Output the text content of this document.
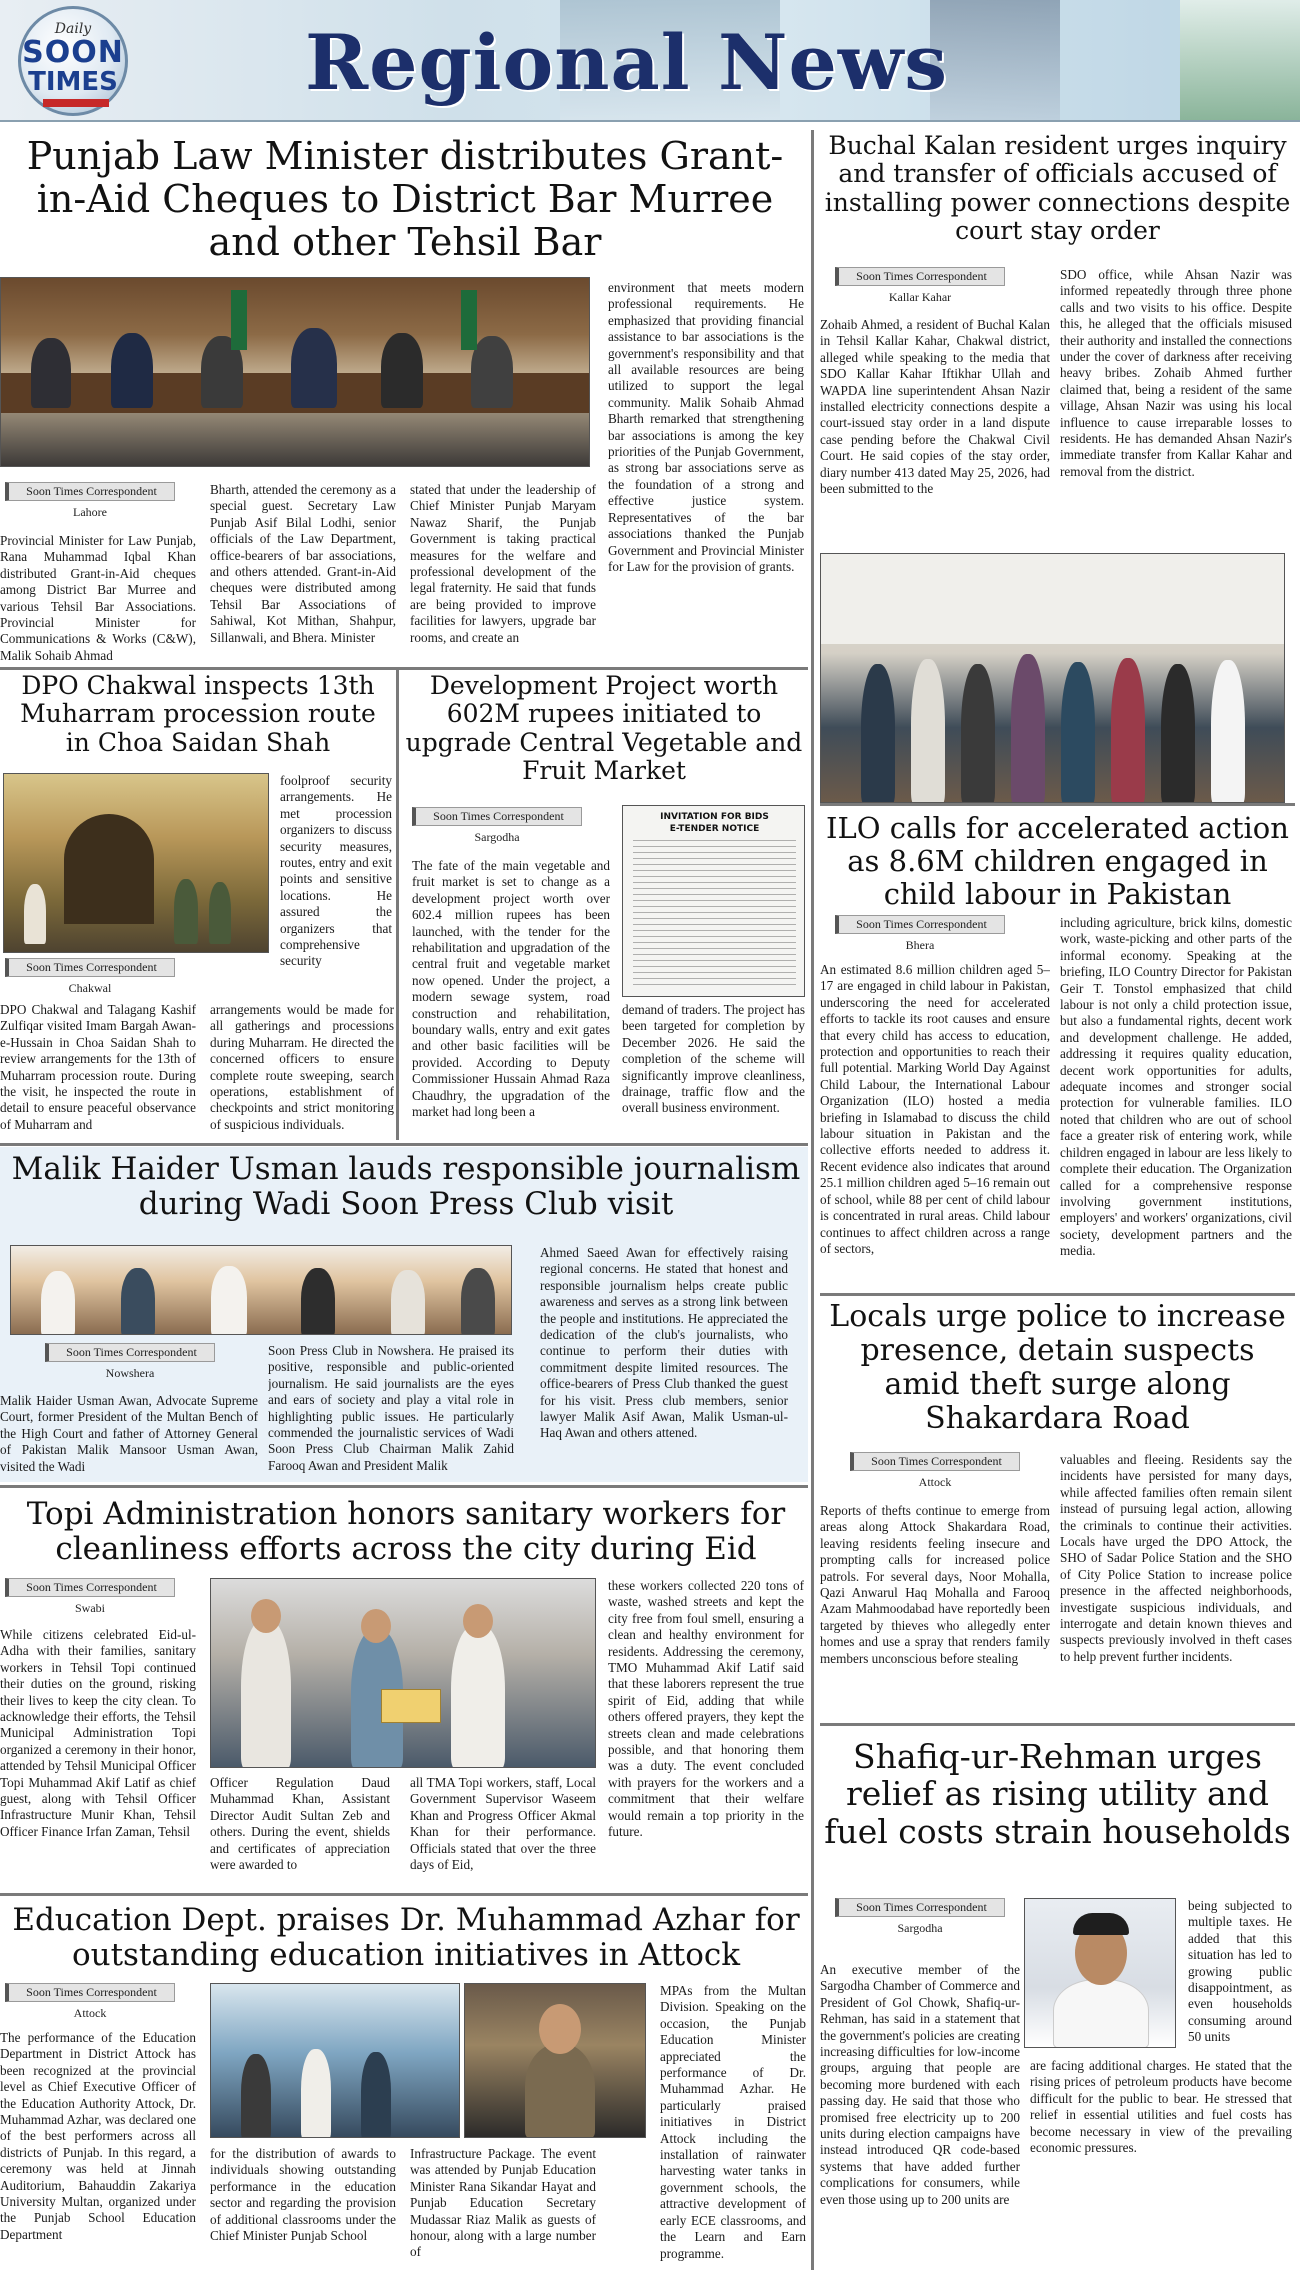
Daily
SOON
TIMES Regional News
Punjab Law Minister distributes Grant-in-Aid Cheques to District Bar Murree and other Tehsil Bar
Soon Times Correspondent
Lahore
Provincial Minister for Law Punjab, Rana Muhammad Iqbal Khan distributed Grant-in-Aid cheques among District Bar Murree and various Tehsil Bar Associations. Provincial Minister for Communications & Works (C&W), Malik Sohaib Ahmad
Bharth, attended the ceremony as a special guest. Secretary Law Punjab Asif Bilal Lodhi, senior officials of the Law Department, office-bearers of bar associations, and others attended. Grant-in-Aid cheques were distributed among Tehsil Bar Associations of Sahiwal, Kot Mithan, Shahpur, Sillanwali, and Bhera. Minister
stated that under the leadership of Chief Minister Punjab Maryam Nawaz Sharif, the Punjab Government is taking practical measures for the welfare and professional development of the legal fraternity. He said that funds are being provided to improve facilities for lawyers, upgrade bar rooms, and create an
environment that meets modern professional requirements. He emphasized that providing financial assistance to bar associations is the government's responsibility and that all available resources are being utilized to support the legal community. Malik Sohaib Ahmad Bharth remarked that strengthening bar associations is among the key priorities of the Punjab Government, as strong bar associations serve as the foundation of a strong and effective justice system. Representatives of the bar associations thanked the Punjab Government and Provincial Minister for Law for the provision of grants.
DPO Chakwal inspects 13th Muharram procession route in Choa Saidan Shah
foolproof security arrangements. He met procession organizers to discuss security measures, routes, entry and exit points and sensitive locations. He assured the organizers that comprehensive security
Soon Times Correspondent
Chakwal
DPO Chakwal and Talagang Kashif Zulfiqar visited Imam Bargah Awan-e-Hussain in Choa Saidan Shah to review arrangements for the 13th of Muharram procession route. During the visit, he inspected the route in detail to ensure peaceful observance of Muharram and
arrangements would be made for all gatherings and processions during Muharram. He directed the concerned officers to ensure complete route sweeping, search operations, establishment of checkpoints and strict monitoring of suspicious individuals.
Development Project worth 602M rupees initiated to upgrade Central Vegetable and Fruit Market
Soon Times Correspondent
Sargodha
INVITATION FOR BIDS
E-TENDER NOTICE
The fate of the main vegetable and fruit market is set to change as a development project worth over 602.4 million rupees has been launched, with the tender for the rehabilitation and upgradation of the central fruit and vegetable market now opened. Under the project, a modern sewage system, road construction and rehabilitation, boundary walls, entry and exit gates and other basic facilities will be provided. According to Deputy Commissioner Hussain Ahmad Raza Chaudhry, the upgradation of the market had long been a
demand of traders. The project has been targeted for completion by December 2026. He said the completion of the scheme will significantly improve cleanliness, drainage, traffic flow and the overall business environment.
Malik Haider Usman lauds responsible journalism during Wadi Soon Press Club visit
Soon Times Correspondent
Nowshera
Malik Haider Usman Awan, Advocate Supreme Court, former President of the Multan Bench of the High Court and father of Attorney General of Pakistan Malik Mansoor Usman Awan, visited the Wadi
Soon Press Club in Nowshera. He praised its positive, responsible and public-oriented journalism. He said journalists are the eyes and ears of society and play a vital role in highlighting public issues. He particularly commended the journalistic services of Wadi Soon Press Club Chairman Malik Zahid Farooq Awan and President Malik
Ahmed Saeed Awan for effectively raising regional concerns. He stated that honest and responsible journalism helps create public awareness and serves as a strong link between the people and institutions. He appreciated the dedication of the club's journalists, who continue to perform their duties with commitment despite limited resources. The office-bearers of Press Club thanked the guest for his visit. Press club members, senior lawyer Malik Asif Awan, Malik Usman-ul-Haq Awan and others attened.
Topi Administration honors sanitary workers for cleanliness efforts across the city during Eid
Soon Times Correspondent
Swabi
While citizens celebrated Eid-ul-Adha with their families, sanitary workers in Tehsil Topi continued their duties on the ground, risking their lives to keep the city clean. To acknowledge their efforts, the Tehsil Municipal Administration Topi organized a ceremony in their honor, attended by Tehsil Municipal Officer Topi Muhammad Akif Latif as chief guest, along with Tehsil Officer Infrastructure Munir Khan, Tehsil Officer Finance Irfan Zaman, Tehsil
Officer Regulation Daud Muhammad Khan, Assistant Director Audit Sultan Zeb and others. During the event, shields and certificates of appreciation were awarded to
all TMA Topi workers, staff, Local Government Supervisor Waseem Khan and Progress Officer Akmal Khan for their performance. Officials stated that over the three days of Eid,
these workers collected 220 tons of waste, washed streets and kept the city free from foul smell, ensuring a clean and healthy environment for residents. Addressing the ceremony, TMO Muhammad Akif Latif said that these laborers represent the true spirit of Eid, adding that while others offered prayers, they kept the streets clean and made celebrations possible, and that honoring them was a duty. The event concluded with prayers for the workers and a commitment that their welfare would remain a top priority in the future.
Education Dept. praises Dr. Muhammad Azhar for outstanding education initiatives in Attock
Soon Times Correspondent
Attock
The performance of the Education Department in District Attock has been recognized at the provincial level as Chief Executive Officer of the Education Authority Attock, Dr. Muhammad Azhar, was declared one of the best performers across all districts of Punjab. In this regard, a ceremony was held at Jinnah Auditorium, Bahauddin Zakariya University Multan, organized under the Punjab School Education Department
for the distribution of awards to individuals showing outstanding performance in the education sector and regarding the provision of additional classrooms under the Chief Minister Punjab School
Infrastructure Package. The event was attended by Punjab Education Minister Rana Sikandar Hayat and Punjab Education Secretary Mudassar Riaz Malik as guests of honour, along with a large number of
MPAs from the Multan Division. Speaking on the occasion, the Punjab Education Minister appreciated the performance of Dr. Muhammad Azhar. He particularly praised initiatives in District Attock including the installation of rainwater harvesting water tanks in government schools, the attractive development of early ECE classrooms, and the Learn and Earn programme.
Buchal Kalan resident urges inquiry and transfer of officials accused of installing power connections despite court stay order
Soon Times Correspondent
Kallar Kahar
Zohaib Ahmed, a resident of Buchal Kalan in Tehsil Kallar Kahar, Chakwal district, alleged while speaking to the media that SDO Kallar Kahar Iftikhar Ullah and WAPDA line superintendent Ahsan Nazir installed electricity connections despite a court-issued stay order in a land dispute case pending before the Chakwal Civil Court. He said copies of the stay order, diary number 413 dated May 25, 2026, had been submitted to the
SDO office, while Ahsan Nazir was informed repeatedly through three phone calls and two visits to his office. Despite this, he alleged that the officials misused their authority and installed the connections under the cover of darkness after receiving heavy bribes. Zohaib Ahmed further claimed that, being a resident of the same village, Ahsan Nazir was using his local influence to cause irreparable losses to residents. He has demanded Ahsan Nazir's immediate transfer from Kallar Kahar and removal from the district.
ILO calls for accelerated action as 8.6M children engaged in child labour in Pakistan
Soon Times Correspondent
Bhera
An estimated 8.6 million children aged 5–17 are engaged in child labour in Pakistan, underscoring the need for accelerated efforts to tackle its root causes and ensure that every child has access to education, protection and opportunities to reach their full potential. Marking World Day Against Child Labour, the International Labour Organization (ILO) hosted a media briefing in Islamabad to discuss the child labour situation in Pakistan and the collective efforts needed to address it. Recent evidence also indicates that around 25.1 million children aged 5–16 remain out of school, while 88 per cent of child labour is concentrated in rural areas. Child labour continues to affect children across a range of sectors,
including agriculture, brick kilns, domestic work, waste-picking and other parts of the informal economy. Speaking at the briefing, ILO Country Director for Pakistan Geir T. Tonstol emphasized that child labour is not only a child protection issue, but also a fundamental rights, decent work and development challenge. He added, addressing it requires quality education, decent work opportunities for adults, adequate incomes and stronger social protection for vulnerable families. ILO noted that children who are out of school face a greater risk of entering work, while children engaged in labour are less likely to complete their education. The Organization called for a comprehensive response involving government institutions, employers' and workers' organizations, civil society, development partners and the media.
Locals urge police to increase presence, detain suspects amid theft surge along Shakardara Road
Soon Times Correspondent
Attock
Reports of thefts continue to emerge from areas along Attock Shakardara Road, leaving residents feeling insecure and prompting calls for increased police patrols. For several days, Noor Mohalla, Qazi Anwarul Haq Mohalla and Farooq Azam Mahmoodabad have reportedly been targeted by thieves who allegedly enter homes and use a spray that renders family members unconscious before stealing
valuables and fleeing. Residents say the incidents have persisted for many days, while affected families often remain silent instead of pursuing legal action, allowing the criminals to continue their activities. Locals have urged the DPO Attock, the SHO of Sadar Police Station and the SHO of City Police Station to increase police presence in the affected neighborhoods, investigate suspicious individuals, and interrogate and detain known thieves and suspects previously involved in theft cases to help prevent further incidents.
Shafiq-ur-Rehman urges relief as rising utility and fuel costs strain households
Soon Times Correspondent
Sargodha
An executive member of the Sargodha Chamber of Commerce and President of Gol Chowk, Shafiq-ur-Rehman, has said in a statement that the government's policies are creating increasing difficulties for low-income groups, arguing that people are becoming more burdened with each passing day. He said that those who promised free electricity up to 200 units during election campaigns have instead introduced QR code-based systems that have added further complications for consumers, while even those using up to 200 units are
being subjected to multiple taxes. He added that this situation has led to growing public disappointment, as even households consuming around 50 units
are facing additional charges. He stated that the rising prices of petroleum products have become difficult for the public to bear. He stressed that relief in essential utilities and fuel costs has become necessary in view of the prevailing economic pressures.
